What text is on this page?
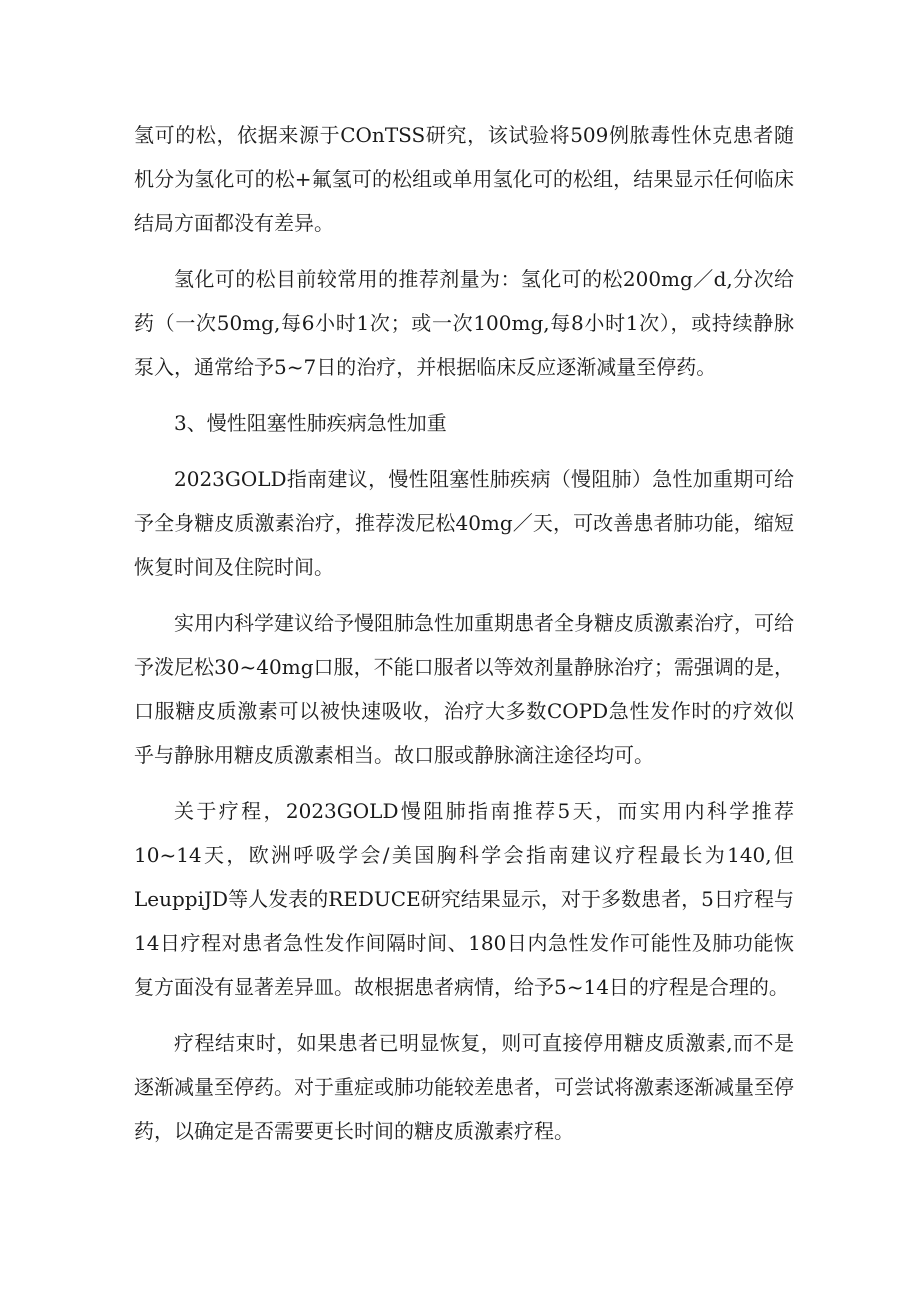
氢可的松，依据来源于COnTSS研究，该试验将509例脓毒性休克患者随机分为氢化可的松+氟氢可的松组或单用氢化可的松组，结果显示任何临床结局方面都没有差异。

氢化可的松目前较常用的推荐剂量为：氢化可的松200mg／d,分次给药（一次50mg,每6小时1次；或一次100mg,每8小时1次），或持续静脉泵入，通常给予5~7日的治疗，并根据临床反应逐渐减量至停药。

3、慢性阻塞性肺疾病急性加重

2023GOLD指南建议，慢性阻塞性肺疾病（慢阻肺）急性加重期可给予全身糖皮质激素治疗，推荐泼尼松40mg／天，可改善患者肺功能，缩短恢复时间及住院时间。

实用内科学建议给予慢阻肺急性加重期患者全身糖皮质激素治疗，可给予泼尼松30~40mg口服，不能口服者以等效剂量静脉治疗；需强调的是，口服糖皮质激素可以被快速吸收，治疗大多数COPD急性发作时的疗效似乎与静脉用糖皮质激素相当。故口服或静脉滴注途径均可。

关于疗程，2023GOLD慢阻肺指南推荐5天，而实用内科学推荐10~14天，欧洲呼吸学会/美国胸科学会指南建议疗程最长为140,但LeuppiJD等人发表的REDUCE研究结果显示，对于多数患者，5日疗程与14日疗程对患者急性发作间隔时间、180日内急性发作可能性及肺功能恢复方面没有显著差异皿。故根据患者病情，给予5~14日的疗程是合理的。

疗程结束时，如果患者已明显恢复，则可直接停用糖皮质激素,而不是逐渐减量至停药。对于重症或肺功能较差患者，可尝试将激素逐渐减量至停药，以确定是否需要更长时间的糖皮质激素疗程。
